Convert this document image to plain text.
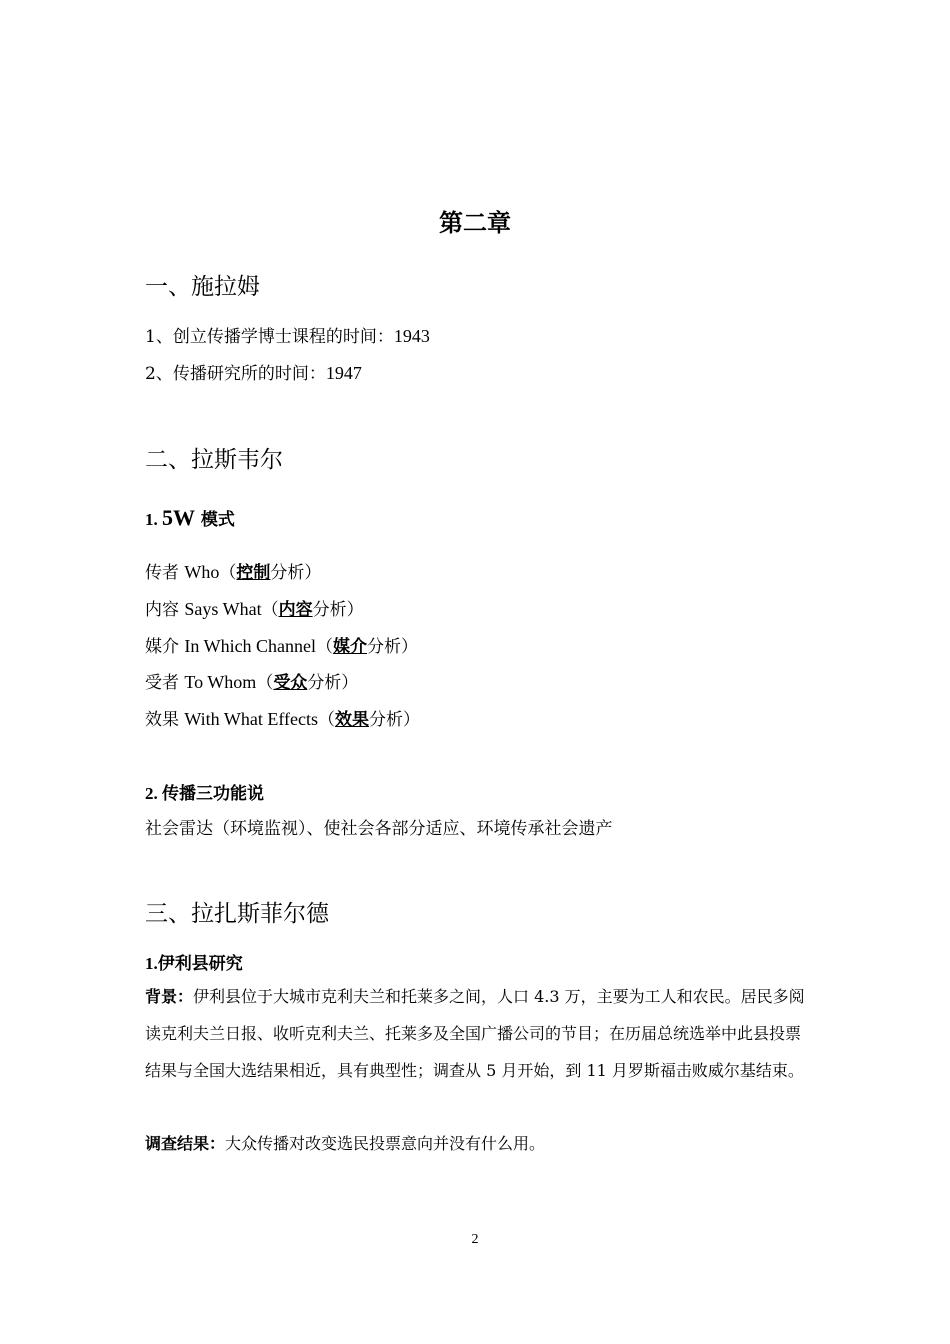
第二章
一、施拉姆
1、创立传播学博士课程的时间：1943
2、传播研究所的时间：1947
二、拉斯韦尔
1. 5W 模式
传者 Who（控制分析）
内容 Says What（内容分析）
媒介 In Which Channel（媒介分析）
受者 To Whom（受众分析）
效果 With What Effects（效果分析）
2. 传播三功能说
社会雷达（环境监视）、使社会各部分适应、环境传承社会遗产
三、拉扎斯菲尔德
1.伊利县研究
背景：伊利县位于大城市克利夫兰和托莱多之间，人口 4.3 万，主要为工人和农民。居民多阅读克利夫兰日报、收听克利夫兰、托莱多及全国广播公司的节目；在历届总统选举中此县投票结果与全国大选结果相近，具有典型性；调查从 5 月开始，到 11 月罗斯福击败威尔基结束。
调查结果：大众传播对改变选民投票意向并没有什么用。
2
